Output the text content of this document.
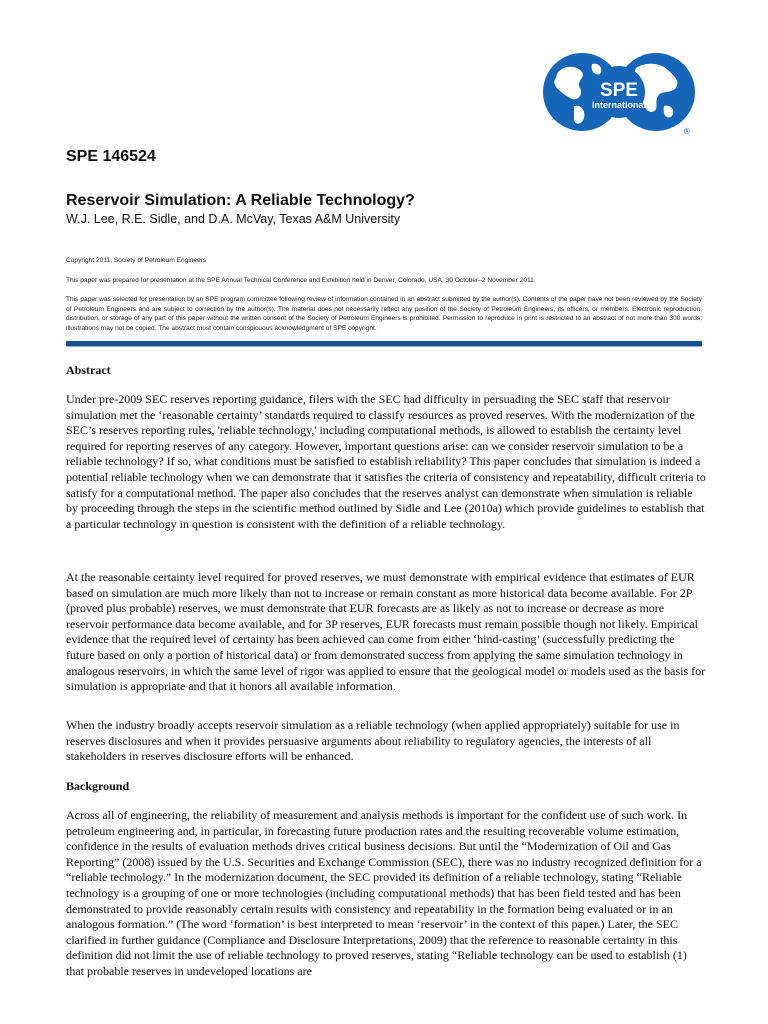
SPE
International
®
SPE 146524
Reservoir Simulation: A Reliable Technology?
W.J. Lee, R.E. Sidle, and D.A. McVay, Texas A&M University
Copyright 2011, Society of Petroleum Engineers
This paper was prepared for presentation at the SPE Annual Technical Conference and Exhibition held in Denver, Colorado, USA, 30 October–2 November 2011.
This paper was selected for presentation by an SPE program committee following review of information contained in an abstract submitted by the author(s). Contents of the paper have not been reviewed by the Society of Petroleum Engineers and are subject to correction by the author(s). The material does not necessarily reflect any position of the Society of Petroleum Engineers, its officers, or members. Electronic reproduction, distribution, or storage of any part of this paper without the written consent of the Society of Petroleum Engineers is prohibited. Permission to reproduce in print is restricted to an abstract of not more than 300 words; illustrations may not be copied. The abstract must contain conspicuous acknowledgment of SPE copyright.
Abstract

Under pre-2009 SEC reserves reporting guidance, filers with the SEC had difficulty in persuading the SEC staff that reservoir simulation met the ‘reasonable certainty’ standards required to classify resources as proved reserves. With the modernization of the SEC’s reserves reporting rules, 'reliable technology,' including computational methods, is allowed to establish the certainty level required for reporting reserves of any category. However, important questions arise: can we consider reservoir simulation to be a reliable technology? If so, what conditions must be satisfied to establish reliability? This paper concludes that simulation is indeed a potential reliable technology when we can demonstrate that it satisfies the criteria of consistency and repeatability, difficult criteria to satisfy for a computational method. The paper also concludes that the reserves analyst can demonstrate when simulation is reliable by proceeding through the steps in the scientific method outlined by Sidle and Lee (2010a) which provide guidelines to establish that a particular technology in question is consistent with the definition of a reliable technology.

At the reasonable certainty level required for proved reserves, we must demonstrate with empirical evidence that estimates of EUR based on simulation are much more likely than not to increase or remain constant as more historical data become available. For 2P (proved plus probable) reserves, we must demonstrate that EUR forecasts are as likely as not to increase or decrease as more reservoir performance data become available, and for 3P reserves, EUR forecasts must remain possible though not likely. Empirical evidence that the required level of certainty has been achieved can come from either ‘hind-casting’ (successfully predicting the future based on only a portion of historical data) or from demonstrated success from applying the same simulation technology in analogous reservoirs, in which the same level of rigor was applied to ensure that the geological model or models used as the basis for simulation is appropriate and that it honors all available information.

When the industry broadly accepts reservoir simulation as a reliable technology (when applied appropriately) suitable for use in reserves disclosures and when it provides persuasive arguments about reliability to regulatory agencies, the interests of all stakeholders in reserves disclosure efforts will be enhanced.

Background

Across all of engineering, the reliability of measurement and analysis methods is important for the confident use of such work. In petroleum engineering and, in particular, in forecasting future production rates and the resulting recoverable volume estimation, confidence in the results of evaluation methods drives critical business decisions. But until the “Modernization of Oil and Gas Reporting” (2008) issued by the U.S. Securities and Exchange Commission (SEC), there was no industry recognized definition for a “reliable technology.” In the modernization document, the SEC provided its definition of a reliable technology, stating “Reliable technology is a grouping of one or more technologies (including computational methods) that has been field tested and has been demonstrated to provide reasonably certain results with consistency and repeatability in the formation being evaluated or in an analogous formation.” (The word ‘formation’ is best interpreted to mean ‘reservoir’ in the context of this paper.) Later, the SEC clarified in further guidance (Compliance and Disclosure Interpretations, 2009) that the reference to reasonable certainty in this definition did not limit the use of reliable technology to proved reserves, stating “Reliable technology can be used to establish (1) that probable reserves in undeveloped locations are
